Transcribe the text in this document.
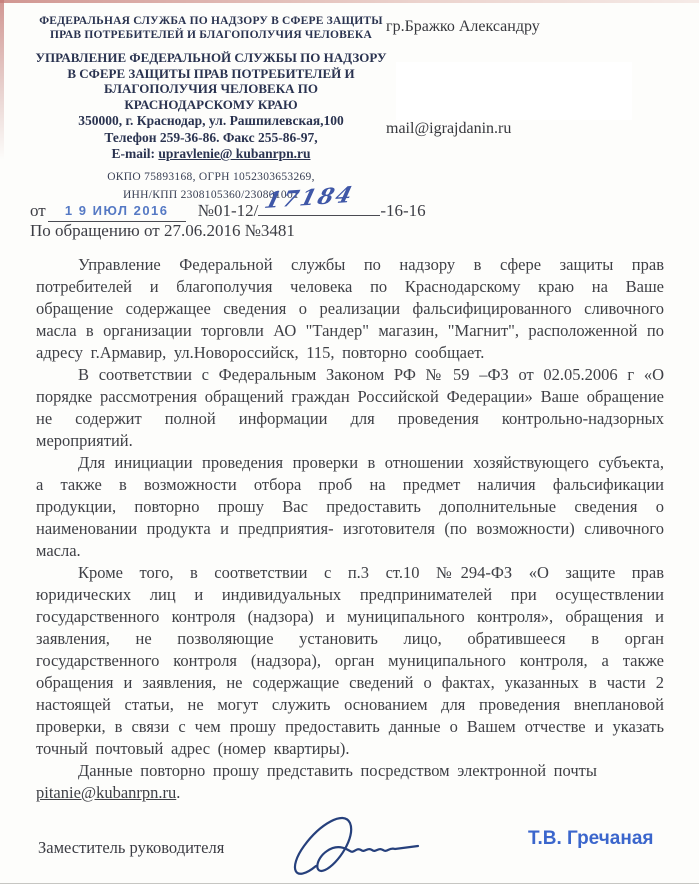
ФЕДЕРАЛЬНАЯ СЛУЖБА ПО НАДЗОРУ В СФЕРЕ ЗАЩИТЫ
ПРАВ ПОТРЕБИТЕЛЕЙ И БЛАГОПОЛУЧИЯ ЧЕЛОВЕКА
УПРАВЛЕНИЕ ФЕДЕРАЛЬНОЙ СЛУЖБЫ ПО НАДЗОРУ
В СФЕРЕ ЗАЩИТЫ ПРАВ ПОТРЕБИТЕЛЕЙ И
БЛАГОПОЛУЧИЯ ЧЕЛОВЕКА ПО
КРАСНОДАРСКОМУ КРАЮ
350000, г. Краснодар, ул. Рашпилевская,100
Телефон 259-36-86. Факс 255-86-97,
E-mail: upravlenie@ kubanrpn.ru
ОКПО 75893168, ОГРН 1052303653269,
ИНН/КПП 2308105360/230801001
гр.Бражко Александру
mail@igrajdanin.ru
от 1 9 ИЮЛ 2016 №01-12/ 17184 -16-16
По обращению от 27.06.2016 №3481

Управление Федеральной службы по надзору в сфере защиты прав потребителей и благополучия человека по Краснодарскому краю на Ваше обращение содержащее сведения о реализации фальсифицированного сливочного масла в организации торговли АО "Тандер" магазин, "Магнит", расположенной по адресу г.Армавир, ул.Новороссийск, 115, повторно сообщает.

В соответствии с Федеральным Законом РФ № 59 –ФЗ от 02.05.2006 г «О порядке рассмотрения обращений граждан Российской Федерации» Ваше обращение не содержит полной информации для проведения контрольно-надзорных мероприятий.

Для инициации проведения проверки в отношении хозяйствующего субъекта, а также в возможности отбора проб на предмет наличия фальсификации продукции, повторно прошу Вас предоставить дополнительные сведения о наименовании продукта и предприятия- изготовителя (по возможности) сливочного масла.

Кроме того, в соответствии с п.3 ст.10 №294-ФЗ «О защите прав юридических лиц и индивидуальных предпринимателей при осуществлении государственного контроля (надзора) и муниципального контроля», обращения и заявления, не позволяющие установить лицо, обратившееся в орган государственного контроля (надзора), орган муниципального контроля, а также обращения и заявления, не содержащие сведений о фактах, указанных в части 2 настоящей статьи, не могут служить основанием для проведения внеплановой проверки, в связи с чем прошу предоставить данные о Вашем отчестве и указать точный почтовый адрес (номер квартиры).

Данные повторно прошу представить посредством электронной почты
pitanie@kubanrpn.ru.

Заместитель руководителя	Т.В. Гречаная
